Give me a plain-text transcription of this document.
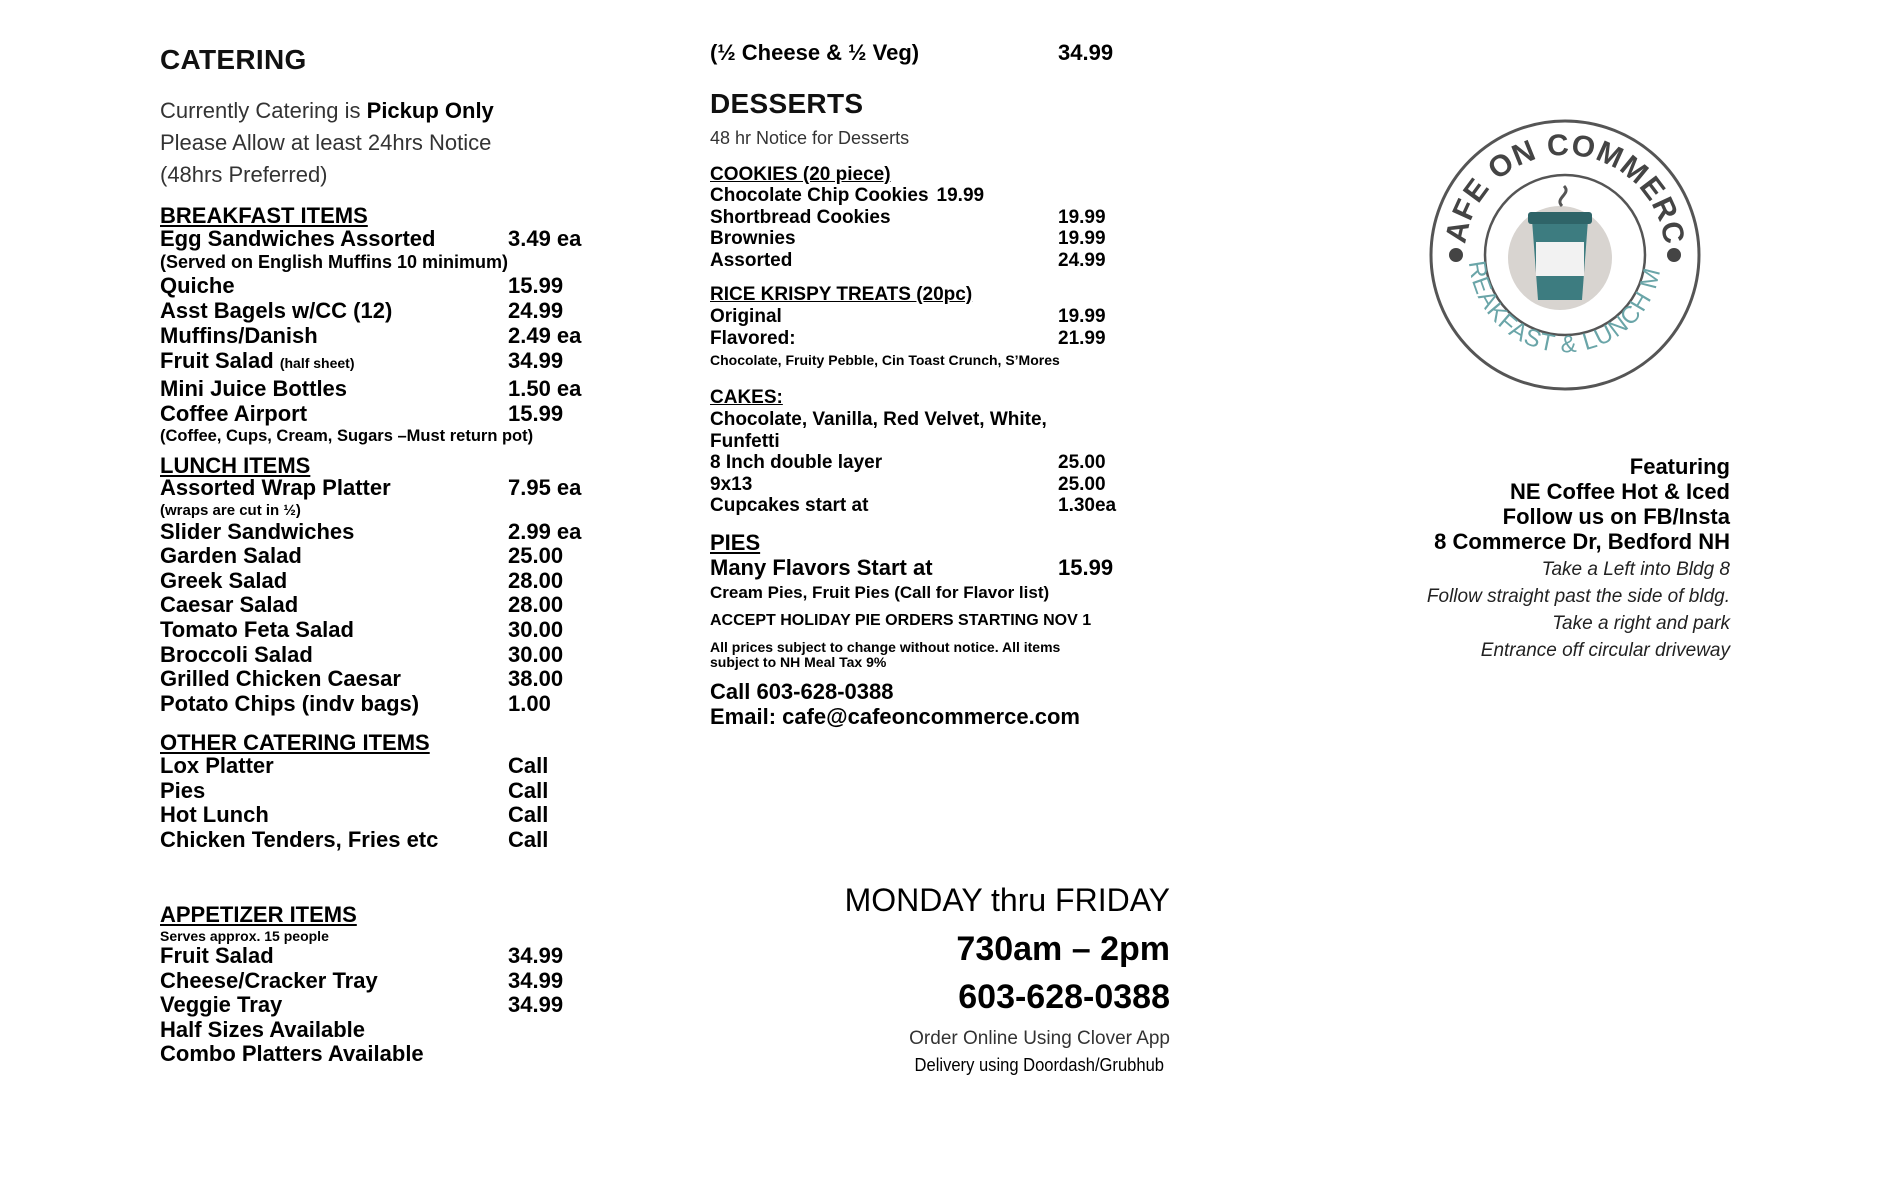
CATERING
Currently Catering is Pickup Only
Please Allow at least 24hrs Notice
(48hrs Preferred)
BREAKFAST ITEMS
Egg Sandwiches Assorted	3.49 ea
(Served on English Muffins 10 minimum)
Quiche	15.99
Asst Bagels w/CC (12)	24.99
Muffins/Danish	2.49 ea
Fruit Salad (half sheet)	34.99
Mini Juice Bottles	1.50 ea
Coffee Airport	15.99
(Coffee, Cups, Cream, Sugars –Must return pot)
LUNCH ITEMS
Assorted Wrap Platter	7.95 ea
(wraps are cut in ½)
Slider Sandwiches	2.99 ea
Garden Salad	25.00
Greek Salad	28.00
Caesar Salad	28.00
Tomato Feta Salad	30.00
Broccoli Salad	30.00
Grilled Chicken Caesar	38.00
Potato Chips (indv bags)	1.00
OTHER CATERING ITEMS
Lox Platter	Call
Pies	Call
Hot Lunch	Call
Chicken Tenders, Fries etc	Call
APPETIZER ITEMS
Serves approx. 15 people
Fruit Salad	34.99
Cheese/Cracker Tray	34.99
Veggie Tray	34.99
Half Sizes Available
Combo Platters Available
(½ Cheese & ½ Veg)	34.99
DESSERTS
48 hr Notice for Desserts
COOKIES (20 piece)
Chocolate Chip Cookies 19.99
Shortbread Cookies	19.99
Brownies	19.99
Assorted	24.99
RICE KRISPY TREATS (20pc)
Original	19.99
Flavored:	21.99
Chocolate, Fruity Pebble, Cin Toast Crunch, S’Mores
CAKES:
Chocolate, Vanilla, Red Velvet, White,
Funfetti
8 Inch double layer	25.00
9x13	25.00
Cupcakes start at	1.30ea
PIES
Many Flavors Start at	15.99
Cream Pies, Fruit Pies (Call for Flavor list)
ACCEPT HOLIDAY PIE ORDERS STARTING NOV 1
All prices subject to change without notice. All items
subject to NH Meal Tax 9%
Call 603-628-0388
Email: cafe@cafeoncommerce.com
MONDAY thru FRIDAY
730am – 2pm
603-628-0388
Order Online Using Clover App
Delivery using Doordash/Grubhub
AFE ON COMMERC
REAKFAST & LUNCH M
Featuring
NE Coffee Hot & Iced
Follow us on FB/Insta
8 Commerce Dr, Bedford NH
Take a Left into Bldg 8
Follow straight past the side of bldg.
Take a right and park
Entrance off circular driveway
